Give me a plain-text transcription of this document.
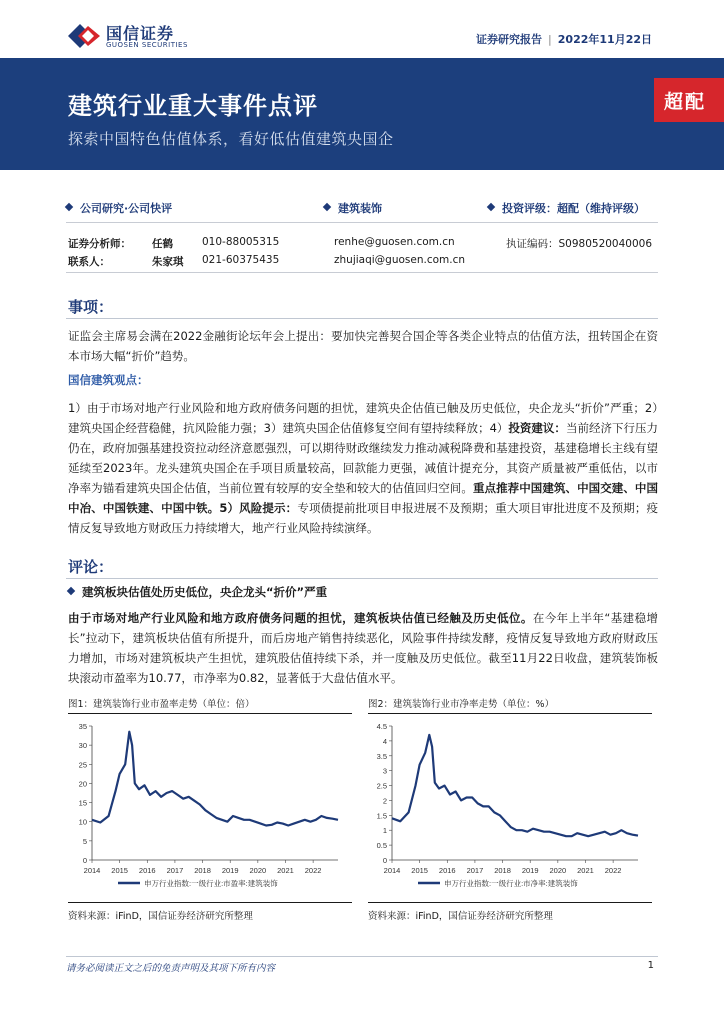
国信证券
GUOSEN SECURITIES	证券研究报告 | 2022年11月22日
建筑行业重大事件点评
探索中国特色估值体系，看好低估值建筑央国企
超配
公司研究·公司快评	建筑装饰	投资评级：超配（维持评级）
证券分析师： 任鹤	010-88005315	renhe@guosen.com.cn	执证编码：S0980520040006
联系人：	朱家琪 021-60375435	zhujiaqi@guosen.com.cn
事项：
证监会主席易会满在2022金融街论坛年会上提出：要加快完善契合国企等各类企业特点的估值方法，扭转国企在资本市场大幅“折价”趋势。
国信建筑观点：
1）由于市场对地产行业风险和地方政府债务问题的担忧，建筑央企估值已触及历史低位，央企龙头“折价”严重；2）建筑央国企经营稳健，抗风险能力强；3）建筑央国企估值修复空间有望持续释放；4）投资建议：当前经济下行压力仍在，政府加强基建投资拉动经济意愿强烈，可以期待财政继续发力推动减税降费和基建投资，基建稳增长主线有望延续至2023年。龙头建筑央国企在手项目质量较高，回款能力更强，减值计提充分，其资产质量被严重低估，以市净率为锚看建筑央国企估值，当前位置有较厚的安全垫和较大的估值回归空间。重点推荐中国建筑、中国交建、中国中冶、中国铁建、中国中铁。5）风险提示：专项债提前批项目申报进展不及预期；重大项目审批进度不及预期；疫情反复导致地方财政压力持续增大，地产行业风险持续演绎。
评论：
建筑板块估值处历史低位，央企龙头“折价”严重
由于市场对地产行业风险和地方政府债务问题的担忧，建筑板块估值已经触及历史低位。在今年上半年“基建稳增长”拉动下，建筑板块估值有所提升，而后房地产销售持续恶化，风险事件持续发酵，疫情反复导致地方政府财政压力增加，市场对建筑板块产生担忧，建筑股估值持续下杀，并一度触及历史低位。截至11月22日收盘，建筑装饰板块滚动市盈率为10.77，市净率为0.82，显著低于大盘估值水平。
图1：建筑装饰行业市盈率走势（单位：倍）
0
5
10
15
20
25
30
35
2014 2015 2016 2017 2018 2019 2020 2021 2022
申万行业指数:一级行业:市盈率:建筑装饰
资料来源：iFinD，国信证券经济研究所整理
图2：建筑装饰行业市净率走势（单位：%）
0
0.5
1
1.5
2
2.5
3
3.5
4
4.5
2014 2015 2016 2017 2018 2019 2020 2021 2022
申万行业指数:一级行业:市净率:建筑装饰
资料来源：iFinD，国信证券经济研究所整理
请务必阅读正文之后的免责声明及其项下所有内容	1
